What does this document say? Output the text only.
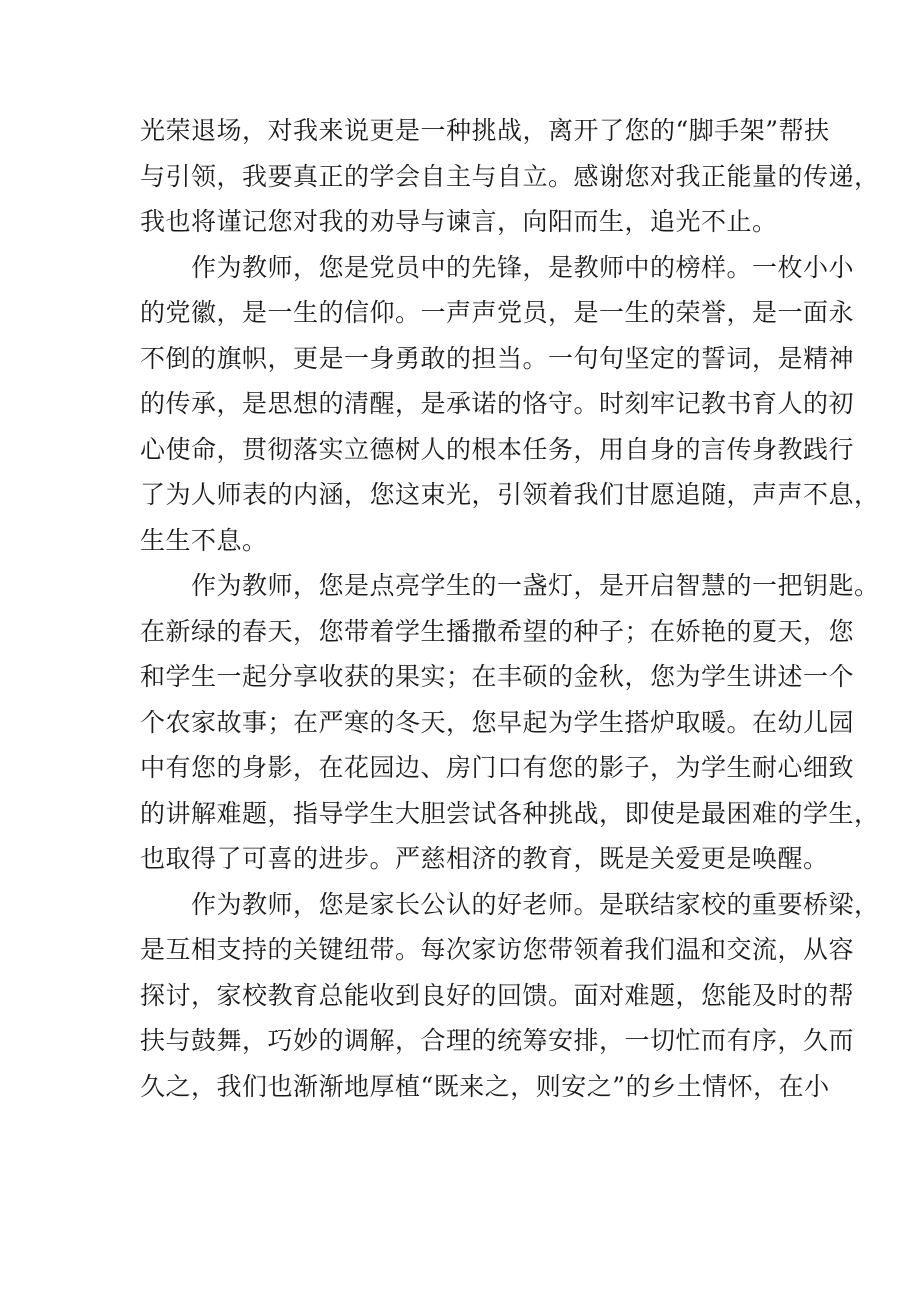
光荣退场，对我来说更是一种挑战，离开了您的“脚手架”帮扶
与引领，我要真正的学会自主与自立。感谢您对我正能量的传递，
我也将谨记您对我的劝导与谏言，向阳而生，追光不止。
　　作为教师，您是党员中的先锋，是教师中的榜样。一枚小小
的党徽，是一生的信仰。一声声党员，是一生的荣誉，是一面永
不倒的旗帜，更是一身勇敢的担当。一句句坚定的誓词，是精神
的传承，是思想的清醒，是承诺的恪守。时刻牢记教书育人的初
心使命，贯彻落实立德树人的根本任务，用自身的言传身教践行
了为人师表的内涵，您这束光，引领着我们甘愿追随，声声不息，
生生不息。
　　作为教师，您是点亮学生的一盏灯，是开启智慧的一把钥匙。
在新绿的春天，您带着学生播撒希望的种子；在娇艳的夏天，您
和学生一起分享收获的果实；在丰硕的金秋，您为学生讲述一个
个农家故事；在严寒的冬天，您早起为学生搭炉取暖。在幼儿园
中有您的身影，在花园边、房门口有您的影子，为学生耐心细致
的讲解难题，指导学生大胆尝试各种挑战，即使是最困难的学生，
也取得了可喜的进步。严慈相济的教育，既是关爱更是唤醒。
　　作为教师，您是家长公认的好老师。是联结家校的重要桥梁，
是互相支持的关键纽带。每次家访您带领着我们温和交流，从容
探讨，家校教育总能收到良好的回馈。面对难题，您能及时的帮
扶与鼓舞，巧妙的调解，合理的统筹安排，一切忙而有序，久而
久之，我们也渐渐地厚植“既来之，则安之”的乡土情怀，在小
